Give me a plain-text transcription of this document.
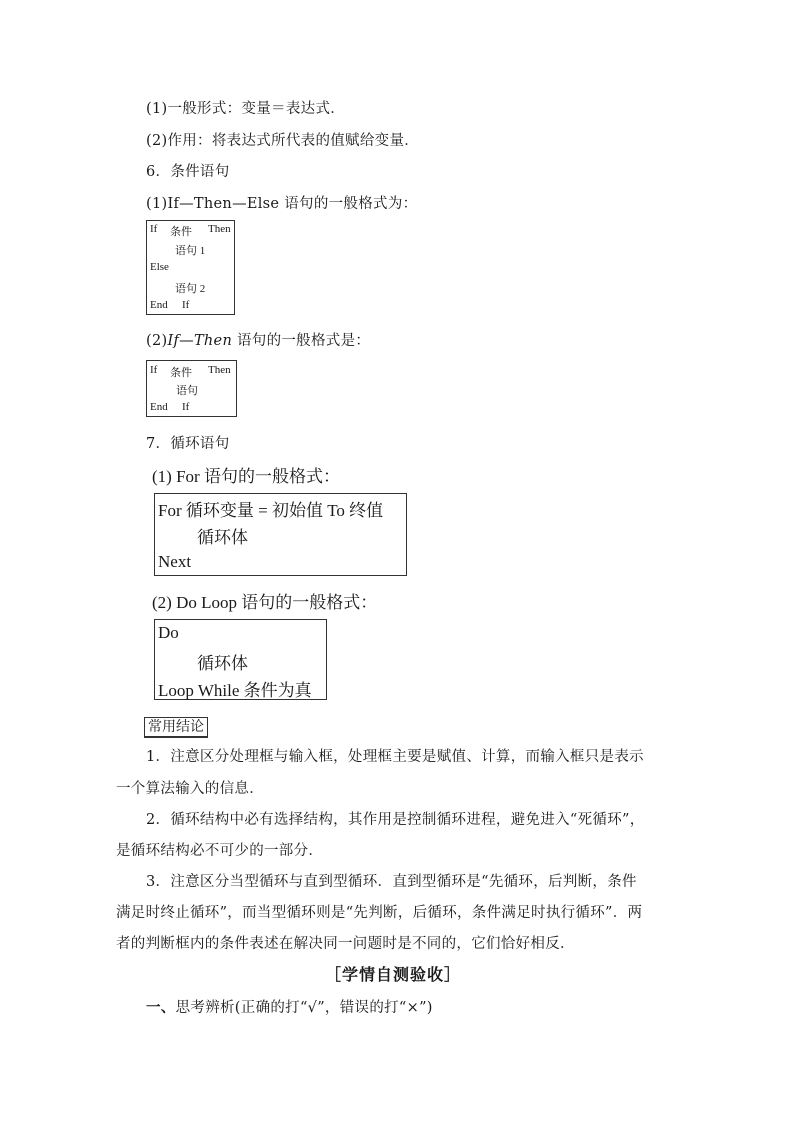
(1)一般形式：变量＝表达式．
(2)作用：将表达式所代表的值赋给变量．
6．条件语句
(1)If—Then—Else 语句的一般格式为：
If 条件 Then
语句 1
Else
语句 2
End If
(2)If—Then 语句的一般格式是：
If 条件 Then
语句
End If
7．循环语句
(1) For 语句的一般格式：
For 循环变量 = 初始值 To 终值
循环体
Next
(2) Do Loop 语句的一般格式：
Do
循环体
Loop While 条件为真
常用结论
1．注意区分处理框与输入框，处理框主要是赋值、计算，而输入框只是表示
一个算法输入的信息．
2．循环结构中必有选择结构，其作用是控制循环进程，避免进入“死循环”，
是循环结构必不可少的一部分．
3．注意区分当型循环与直到型循环．直到型循环是“先循环，后判断，条件
满足时终止循环”，而当型循环则是“先判断，后循环，条件满足时执行循环”．两
者的判断框内的条件表述在解决同一问题时是不同的，它们恰好相反．
［学情自测验收］
一、思考辨析(正确的打“√”，错误的打“×”)
